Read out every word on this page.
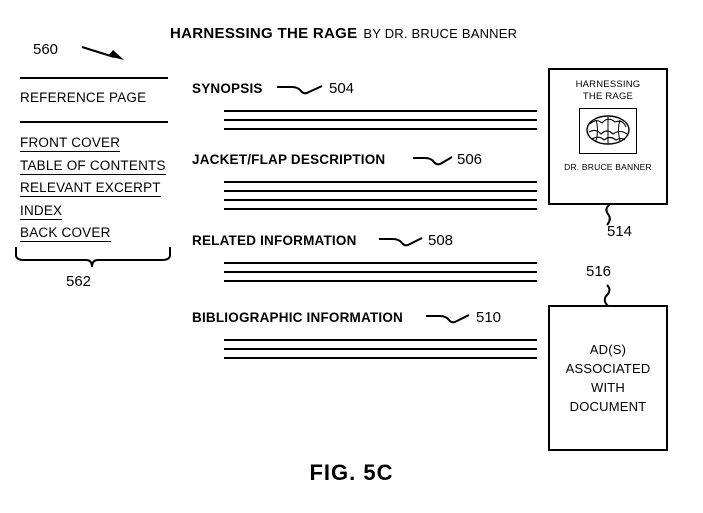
HARNESSING THE RAGE BY DR. BRUCE BANNER
560
REFERENCE PAGE
FRONT COVER
TABLE OF CONTENTS
RELEVANT EXCERPT
INDEX
BACK COVER
562
SYNOPSIS	504
JACKET/FLAP DESCRIPTION	506
RELATED INFORMATION	508
BIBLIOGRAPHIC INFORMATION	510
HARNESSING
THE RAGE
DR. BRUCE BANNER
514
516
AD(S)
ASSOCIATED
WITH
DOCUMENT
FIG. 5C
